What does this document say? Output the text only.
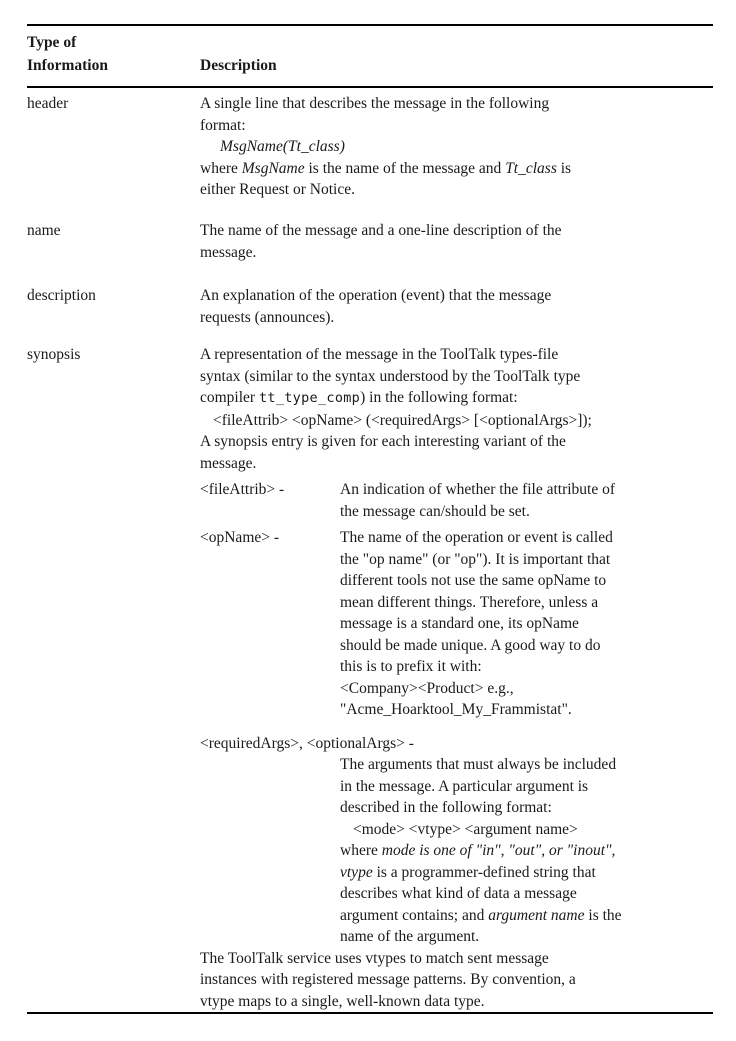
Type of
Information	Description
header	A single line that describes the message in the following
format:
MsgName(Tt_class)
where MsgName is the name of the message and Tt_class is
either Request or Notice.
name	The name of the message and a one-line description of the
message.
description	An explanation of the operation (event) that the message
requests (announces).
synopsis	A representation of the message in the ToolTalk types-file
syntax (similar to the syntax understood by the ToolTalk type
compiler tt_type_comp) in the following format:
<fileAttrib> <opName> (<requiredArgs> [<optionalArgs>]);
A synopsis entry is given for each interesting variant of the
message.
<fileAttrib> -	An indication of whether the file attribute of
the message can/should be set.
<opName> -	The name of the operation or event is called
the "op name" (or "op"). It is important that
different tools not use the same opName to
mean different things. Therefore, unless a
message is a standard one, its opName
should be made unique. A good way to do
this is to prefix it with:
<Company><Product> e.g.,
"Acme_Hoarktool_My_Frammistat".
<requiredArgs>, <optionalArgs> -
The arguments that must always be included
in the message. A particular argument is
described in the following format:
<mode> <vtype> <argument name>
where mode is one of "in", "out", or "inout",
vtype is a programmer-defined string that
describes what kind of data a message
argument contains; and argument name is the
name of the argument.
The ToolTalk service uses vtypes to match sent message
instances with registered message patterns. By convention, a
vtype maps to a single, well-known data type.
